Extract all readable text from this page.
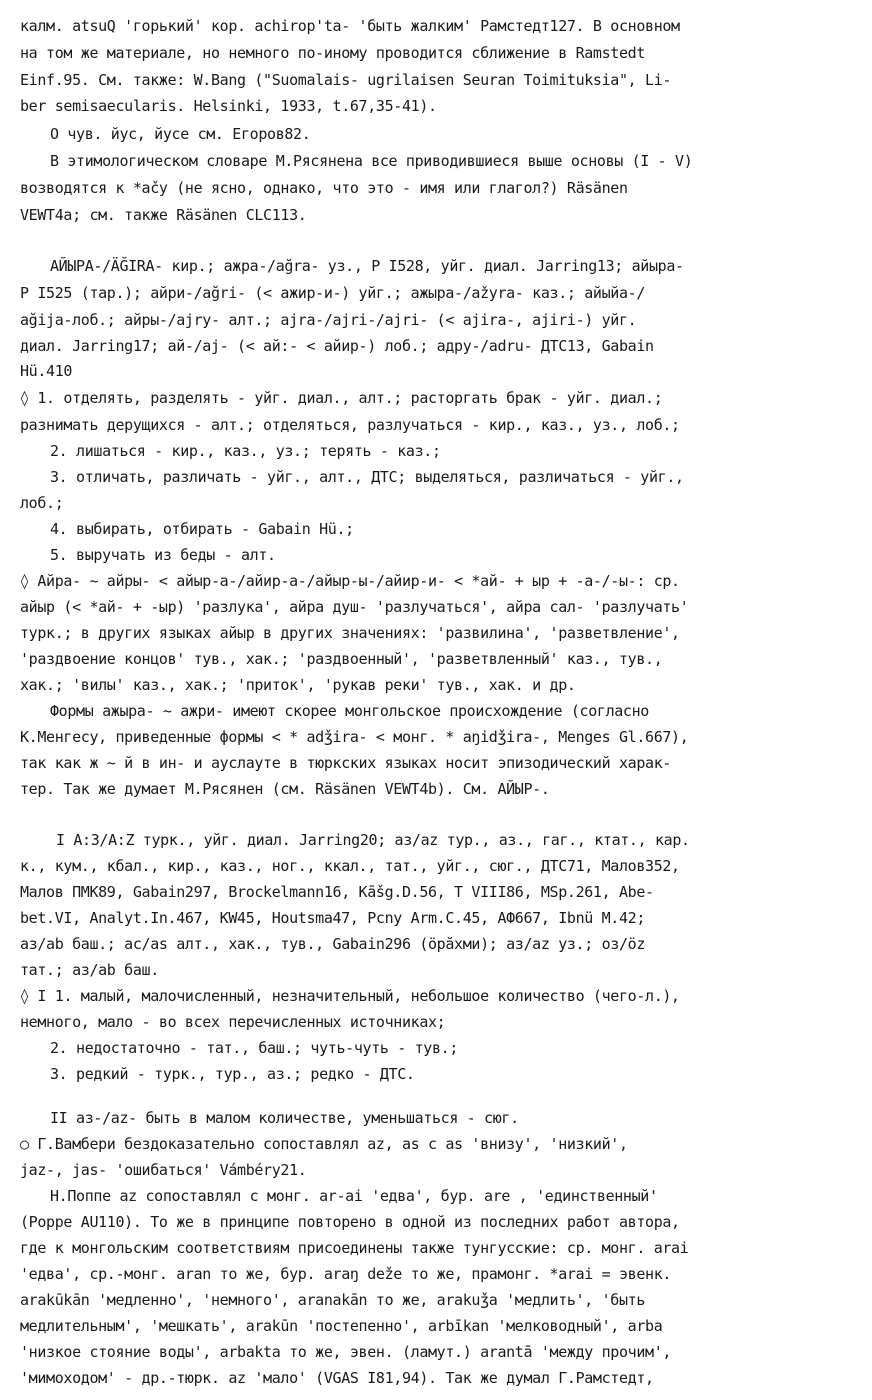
калм. atsuQ 'горький' кор. achirop'ta- 'быть жалким' Рамстедт127. В основном
на том же материале, но немного по-иному проводится сближение в Ramstedt
Einf.95. См. также: W.Bang ("Suomalais- ugrilaisen Seuran Toimituksia", Li-
ber semisaecularis. Helsinki, 1933, t.67,35-41).
О чув. йус, йусе см. Егоров82.
В этимологическом словаре М.Рясянена все приводившиеся выше основы (I - V)
возводятся к *ačy (не ясно, однако, что это - имя или глагол?) Räsänen
VEWT4a; см. также Räsänen CLC113.
АЙЫРА-/ÄĞIRA- кир.; ажра-/ağra- уз., Р I528, уйг. диал. Jarring13; айыра-
Р I525 (тар.); айри-/ağri- (< ажир-и-) уйг.; ажыра-/ažyra- каз.; айыйа-/
ağija-лоб.; айры-/ajry- алт.; ajra-/ajri-/ajri- (< ajira-, ajiri-) уйг.
диал. Jarring17; ай-/aj- (< ай:- < айир-) лоб.; адру-/adru- ДТС13, Gabain
Hü.410
◊ 1. отделять, разделять - уйг. диал., алт.; расторгать брак - уйг. диал.;
разнимать дерущихся - алт.; отделяться, разлучаться - кир., каз., уз., лоб.;
2. лишаться - кир., каз., уз.; терять - каз.;
3. отличать, различать - уйг., алт., ДТС; выделяться, различаться - уйг.,
лоб.;
4. выбирать, отбирать - Gabain Hü.;
5. выручать из беды - алт.
◊ Айра- ~ айры- < айыр-а-/айир-а-/айыр-ы-/айир-и- < *ай- + ыр + -а-/-ы-: ср.
айыр (< *ай- + -ыр) 'разлука', айра душ- 'разлучаться', айра сал- 'разлучать'
турк.; в других языках айыр в других значениях: 'развилина', 'разветвление',
'раздвоение концов' тув., хак.; 'раздвоенный', 'разветвленный' каз., тув.,
хак.; 'вилы' каз., хак.; 'приток', 'рукав реки' тув., хак. и др.
Формы ажыра- ~ ажри- имеют скорее монгольское происхождение (согласно
К.Менгесу, приведенные формы < * adǯira- < монг. * aŋidǯira-, Menges Gl.667),
так как ж ~ й в ин- и ауслауте в тюркских языках носит эпизодический харак-
тер. Так же думает М.Рясянен (см. Räsänen VEWT4b). См. АЙЫР-.
I А:З/А:Z турк., уйг. диал. Jarring20; аз/az тур., аз., гаг., ктат., кар.
к., кум., кбал., кир., каз., ног., ккал., тат., уйг., сюг., ДТС71, Малов352,
Малов ПМК89, Gabain297, Brockelmann16, Kāšg.D.56, T VIII86, MSp.261, Abe-
bet.VI, Analyt.In.467, KW45, Houtsma47, Pcny Arm.C.45, АФ667, Ibnü M.42;
аз/ab баш.; ас/as алт., хак., тув., Gabain296 (ӧрӑхми); аз/az уз.; оз/öz
тат.; аз/ab баш.
◊ I 1. малый, малочисленный, незначительный, небольшое количество (чего-л.),
немного, мало - во всех перечисленных источниках;
2. недостаточно - тат., баш.; чуть-чуть - тув.;
3. редкий - турк., тур., аз.; редко - ДТС.
II аз-/az- быть в малом количестве, уменьшаться - сюг.
○ Г.Вамбери бездоказательно сопоставлял az, as с as 'внизу', 'низкий',
jaz-, jas- 'ошибаться' Vámbéry21.
Н.Поппе az сопоставлял с монг. ar-ai 'едва', бур. are , 'единственный'
(Poppe AU110). То же в принципе повторено в одной из последних работ автора,
где к монгольским соответствиям присоединены также тунгусские: ср. монг. arai
'едва', ср.-монг. aran то же, бур. araŋ deže то же, прамонг. *arai = эвенк.
arakūkān 'медленно', 'немного', aranakān то же, arakuǯa 'медлить', 'быть
медлительным', 'мешкать', arakūn 'постепенно', arbīkan 'мелководный', arba
'низкое стояние воды', arbakta то же, эвен. (ламут.) arantā 'между прочим',
'мимоходом' - др.-тюрк. az 'мало' (VGAS I81,94). Так же думал Г.Рамстедт,
